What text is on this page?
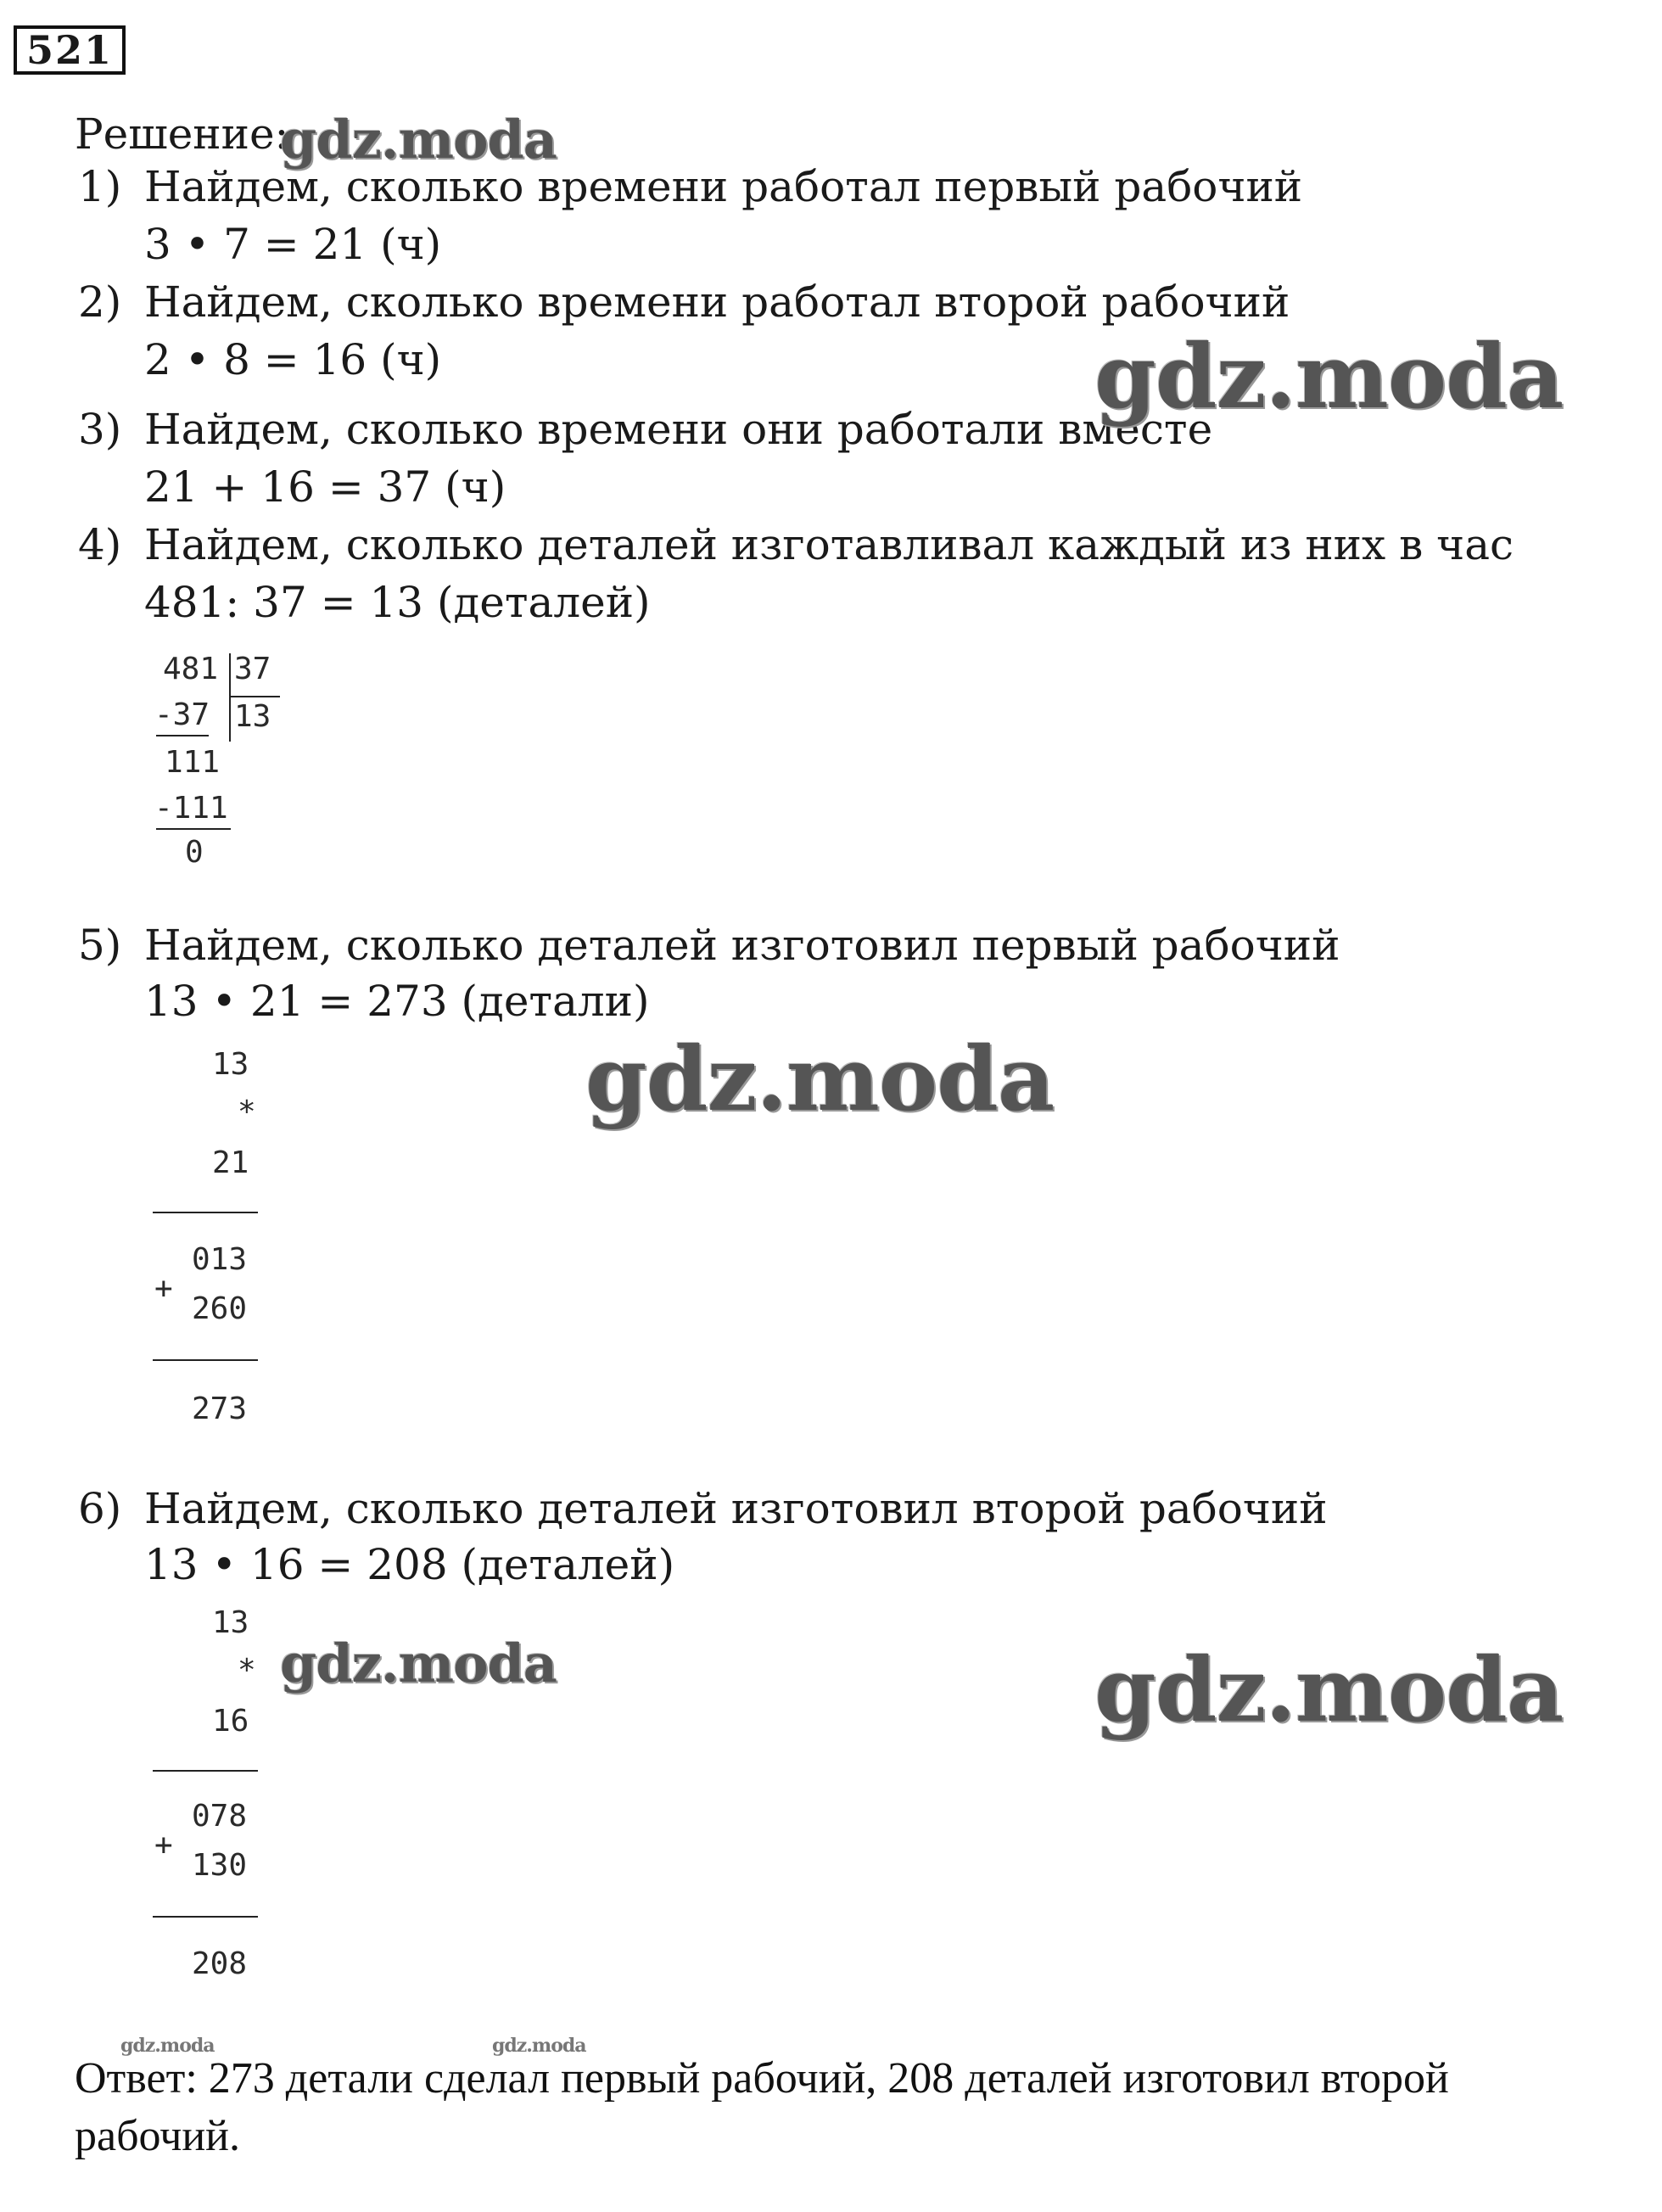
521
Решение:
1) Найдем, сколько времени работал первый рабочий
3 • 7 = 21 (ч)
2) Найдем, сколько времени работал второй рабочий
2 • 8 = 16 (ч)
3) Найдем, сколько времени они работали вместе
21 + 16 = 37 (ч)
4) Найдем, сколько деталей изготавливал каждый из них в час
481: 37 = 13 (деталей)
481 37
-37 13
111
-111
0
5) Найдем, сколько деталей изготовил первый рабочий
13 • 21 = 273 (детали)
13
*
21
013
+
260
273
6) Найдем, сколько деталей изготовил второй рабочий
13 • 16 = 208 (деталей)
13
*
16
078
+
130
208
Ответ: 273 детали сделал первый рабочий, 208 деталей изготовил второй
рабочий.
gdz.moda
gdz.moda
gdz.moda
gdz.moda	gdz.moda
gdz.moda	gdz.moda
